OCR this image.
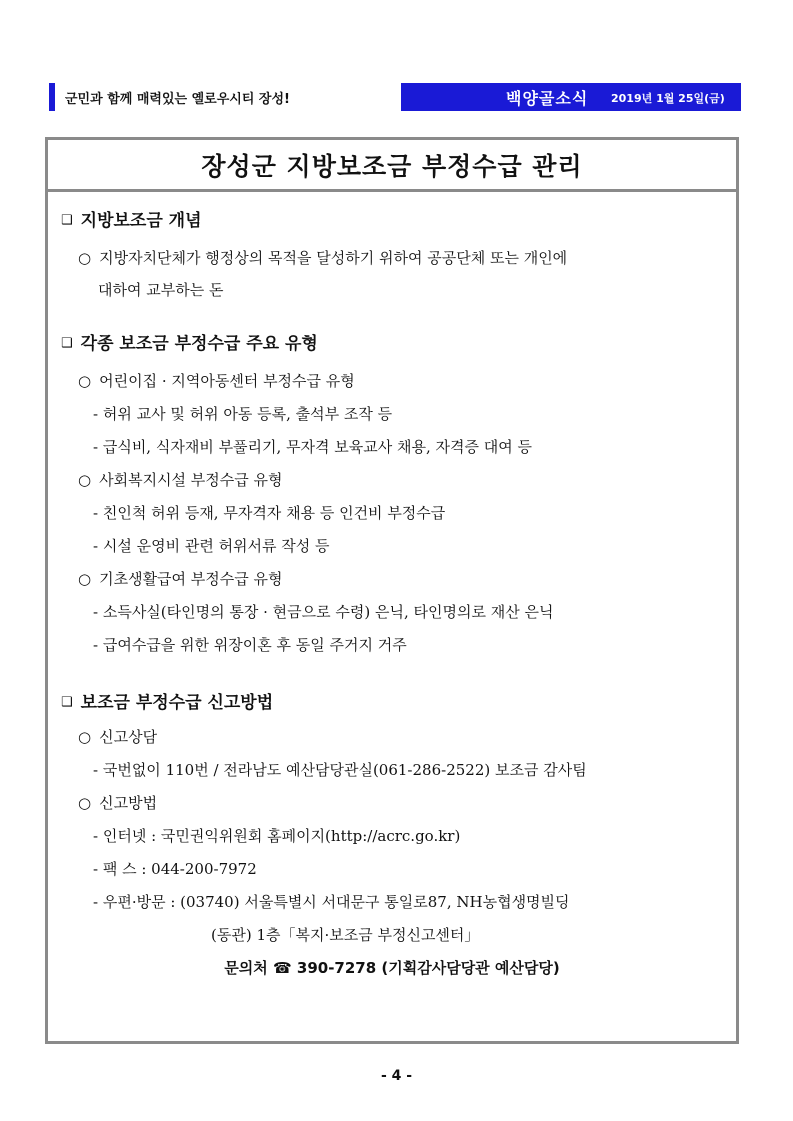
군민과 함께 매력있는 옐로우시티 장성!	백양골소식 2019년 1월 25일(금)
장성군 지방보조금 부정수급 관리
❑ 지방보조금 개념
○ 지방자치단체가 행정상의 목적을 달성하기 위하여 공공단체 또는 개인에
대하여 교부하는 돈
❑ 각종 보조금 부정수급 주요 유형
○ 어린이집 · 지역아동센터 부정수급 유형
- 허위 교사 및 허위 아동 등록, 출석부 조작 등
- 급식비, 식자재비 부풀리기, 무자격 보육교사 채용, 자격증 대여 등
○ 사회복지시설 부정수급 유형
- 친인척 허위 등재, 무자격자 채용 등 인건비 부정수급
- 시설 운영비 관련 허위서류 작성 등
○ 기초생활급여 부정수급 유형
- 소득사실(타인명의 통장 · 현금으로 수령) 은닉, 타인명의로 재산 은닉
- 급여수급을 위한 위장이혼 후 동일 주거지 거주
❑ 보조금 부정수급 신고방법
○ 신고상담
- 국번없이 110번 / 전라남도 예산담당관실(061-286-2522) 보조금 감사팀
○ 신고방법
- 인터넷 : 국민권익위원회 홈페이지(http://acrc.go.kr)
- 팩 스 : 044-200-7972
- 우편·방문 : (03740) 서울특별시 서대문구 통일로87, NH농협생명빌딩
(동관) 1층「복지·보조금 부정신고센터」
문의처 ☎ 390-7278 (기획감사담당관 예산담당)
- 4 -
